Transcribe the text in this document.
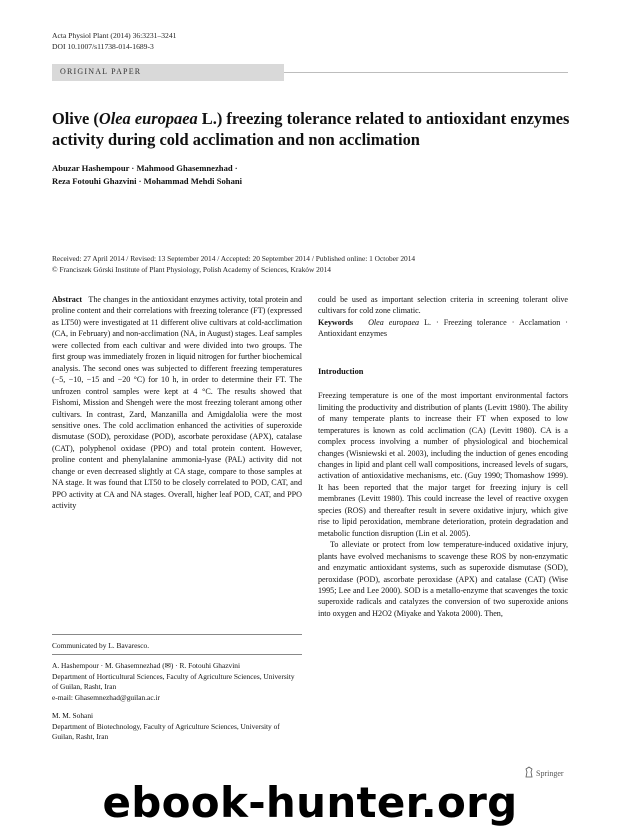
Acta Physiol Plant (2014) 36:3231–3241
DOI 10.1007/s11738-014-1689-3
ORIGINAL PAPER
Olive (Olea europaea L.) freezing tolerance related to antioxidant enzymes activity during cold acclimation and non acclimation
Abuzar Hashempour · Mahmood Ghasemnezhad ·
Reza Fotouhi Ghazvini · Mohammad Mehdi Sohani
Received: 27 April 2014 / Revised: 13 September 2014 / Accepted: 20 September 2014 / Published online: 1 October 2014
© Franciszek Górski Institute of Plant Physiology, Polish Academy of Sciences, Kraków 2014

Abstract The changes in the antioxidant enzymes activity, total protein and proline content and their correlations with freezing tolerance (FT) (expressed as LT50) were investigated at 11 different olive cultivars at cold-acclimation (CA, in February) and non-acclimation (NA, in August) stages. Leaf samples were collected from each cultivar and were divided into two groups. The first group was immediately frozen in liquid nitrogen for further biochemical analysis. The second ones was subjected to different freezing temperatures (−5, −10, −15 and −20 °C) for 10 h, in order to determine their FT. The unfrozen control samples were kept at 4 °C. The results showed that Fishomi, Mission and Shengeh were the most freezing tolerant among other cultivars. In contrast, Zard, Manzanilla and Amigdalolia were the most sensitive ones. The cold acclimation enhanced the activities of superoxide dismutase (SOD), peroxidase (POD), ascorbate peroxidase (APX), catalase (CAT), polyphenol oxidase (PPO) and total protein content. However, proline content and phenylalanine ammonia-lyase (PAL) activity did not change or even decreased slightly at CA stage, compare to those samples at NA stage. It was found that LT50 to be closely correlated to POD, CAT, and PPO activity at CA and NA stages. Overall, higher leaf POD, CAT, and PPO activity

could be used as important selection criteria in screening tolerant olive cultivars for cold zone climatic.

Keywords Olea europaea L. · Freezing tolerance · Acclamation · Antioxidant enzymes

Introduction

Freezing temperature is one of the most important environmental factors limiting the productivity and distribution of plants (Levitt 1980). The ability of many temperate plants to increase their FT when exposed to low temperatures is known as cold acclimation (CA) (Levitt 1980). CA is a complex process involving a number of physiological and biochemical changes (Wisniewski et al. 2003), including the induction of genes encoding changes in lipid and plant cell wall compositions, increased levels of sugars, activation of antioxidative mechanisms, etc. (Guy 1990; Thomashow 1999). It has been reported that the major target for freezing injury is cell membranes (Levitt 1980). This could increase the level of reactive oxygen species (ROS) and thereafter result in severe oxidative injury, which give rise to lipid peroxidation, membrane deterioration, protein degradation and metabolic function disruption (Lin et al. 2005).

To alleviate or protect from low temperature-induced oxidative injury, plants have evolved mechanisms to scavenge these ROS by non-enzymatic and enzymatic antioxidant systems, such as superoxide dismutase (SOD), peroxidase (POD), ascorbate peroxidase (APX) and catalase (CAT) (Wise 1995; Lee and Lee 2000). SOD is a metallo-enzyme that scavenges the toxic superoxide radicals and catalyzes the conversion of two superoxide anions into oxygen and H2O2 (Miyake and Yakota 2000). Then,

Communicated by L. Bavaresco.

A. Hashempour · M. Ghasemnezhad (✉) · R. Fotouhi Ghazvini
Department of Horticultural Sciences, Faculty of Agriculture Sciences, University of Guilan, Rasht, Iran
e-mail: Ghasemnezhad@guilan.ac.ir

M. M. Sohani
Department of Biotechnology, Faculty of Agriculture Sciences, University of Guilan, Rasht, Iran

Springer
ebook-hunter.org
